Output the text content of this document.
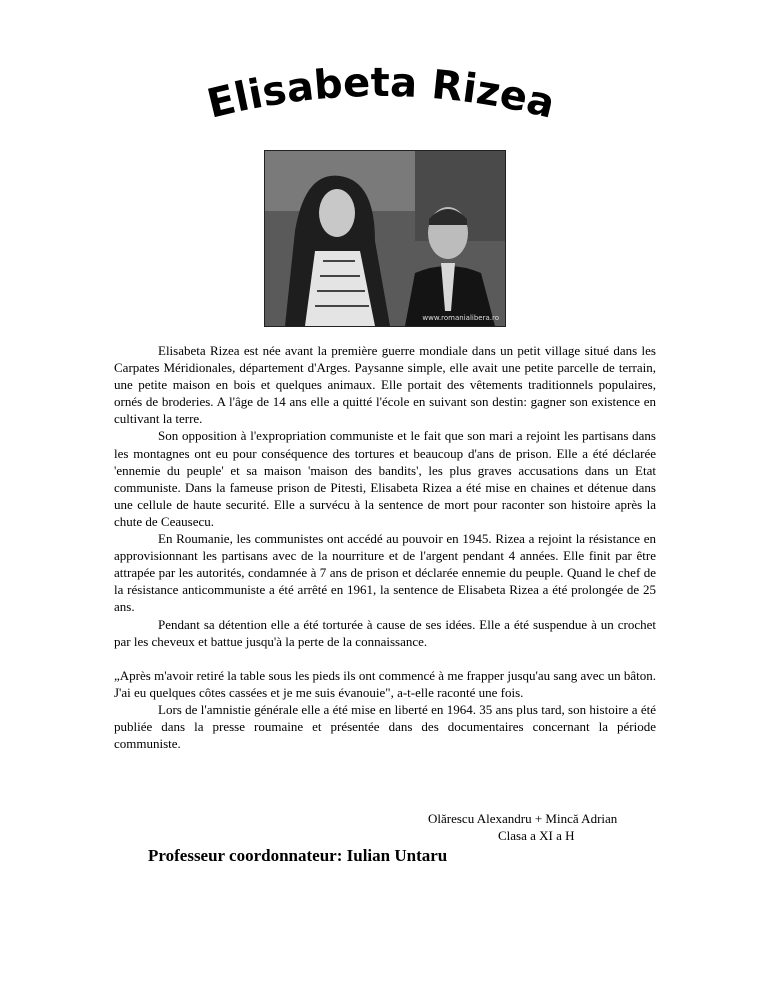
Elisabeta Rizea
www.romanialibera.ro

Elisabeta Rizea est née avant la première guerre mondiale dans un petit village situé dans les Carpates Méridionales, département d'Arges. Paysanne simple, elle avait une petite parcelle de terrain, une petite maison en bois et quelques animaux. Elle portait des vêtements traditionnels populaires, ornés de broderies. A l'âge de 14 ans elle a quitté l'école en suivant son destin: gagner son existence en cultivant la terre.

Son opposition à l'expropriation communiste et le fait que son mari a rejoint les partisans dans les montagnes ont eu pour conséquence des tortures et beaucoup d'ans de prison. Elle a été déclarée 'ennemie du peuple' et sa maison 'maison des bandits', les plus graves accusations dans un Etat communiste. Dans la fameuse prison de Pitesti, Elisabeta Rizea a été mise en chaines et détenue dans une cellule de haute securité. Elle a survécu à la sentence de mort pour raconter son histoire après la chute de Ceausecu.

En Roumanie, les communistes ont accédé au pouvoir en 1945. Rizea a rejoint la résistance en approvisionnant les partisans avec de la nourriture et de l'argent pendant 4 années. Elle finit par être attrapée par les autorités, condamnée à 7 ans de prison et déclarée ennemie du peuple. Quand le chef de la résistance anticommuniste a été arrêté en 1961, la sentence de Elisabeta Rizea a été prolongée de 25 ans.

Pendant sa détention elle a été torturée à cause de ses idées. Elle a été suspendue à un crochet par les cheveux et battue jusqu'à la perte de la connaissance.

„Après m'avoir retiré la table sous les pieds ils ont commencé à me frapper jusqu'au sang avec un bâton. J'ai eu quelques côtes cassées et je me suis évanouie", a-t-elle raconté une fois.

Lors de l'amnistie générale elle a été mise en liberté en 1964. 35 ans plus tard, son histoire a été publiée dans la presse roumaine et présentée dans des documentaires concernant la période communiste.

Olărescu Alexandru + Mincă Adrian
Clasa a XI a H
Professeur coordonnateur: Iulian Untaru
